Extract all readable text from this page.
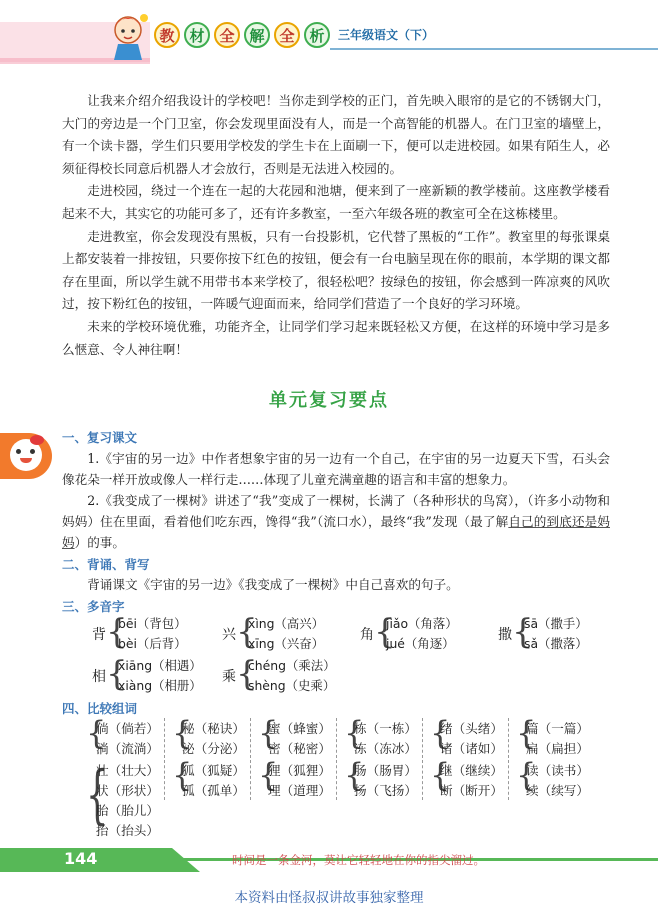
教 材 全 解 全 析	三年级语文（下）

让我来介绍介绍我设计的学校吧！当你走到学校的正门，首先映入眼帘的是它的不锈钢大门，大门的旁边是一个门卫室，你会发现里面没有人，而是一个高智能的机器人。在门卫室的墙壁上，有一个读卡器，学生们只要用学校发的学生卡在上面刷一下，便可以走进校园。如果有陌生人，必须征得校长同意后机器人才会放行，否则是无法进入校园的。

走进校园，绕过一个连在一起的大花园和池塘，便来到了一座新颖的教学楼前。这座教学楼看起来不大，其实它的功能可多了，还有许多教室，一至六年级各班的教室可全在这栋楼里。

走进教室，你会发现没有黑板，只有一台投影机，它代替了黑板的“工作”。教室里的每张课桌上都安装着一排按钮，只要你按下红色的按钮，便会有一台电脑呈现在你的眼前，本学期的课文都存在里面，所以学生就不用带书本来学校了，很轻松吧？按绿色的按钮，你会感到一阵凉爽的风吹过，按下粉红色的按钮，一阵暖气迎面而来，给同学们营造了一个良好的学习环境。

未来的学校环境优雅，功能齐全，让同学们学习起来既轻松又方便，在这样的环境中学习是多么惬意、令人神往啊！

单元复习要点
一、复习课文

1.《宇宙的另一边》中作者想象宇宙的另一边有一个自己，在宇宙的另一边夏天下雪，石头会像花朵一样开放或像人一样行走……体现了儿童充满童趣的语言和丰富的想象力。

2.《我变成了一棵树》讲述了“我”变成了一棵树，长满了（各种形状的鸟窝），（许多小动物和妈妈）住在里面，看着他们吃东西，馋得“我”（流口水），最终“我”发现（最了解自己的到底还是妈妈）的事。

二、背诵、背写

背诵课文《宇宙的另一边》《我变成了一棵树》中自己喜欢的句子。

三、多音字
背 {
bēi（背包）
bèi（后背）
兴 {
xìng（高兴）
xīng（兴奋）
角 {
jiǎo（角落）
jué（角逐）
撒 {
sā（撒手）
sǎ（撒落）
相 {
xiāng（相遇）
xiàng（相册）
乘 {
chéng（乘法）
shèng（史乘）
四、比较组词
{
倘（倘若）
淌（流淌） {
秘（秘诀）
泌（分泌） {
蜜（蜂蜜）
密（秘密） {
栋（一栋）
冻（冻冰） {
绪（头绪）
诸（诸如） {
篇（一篇）
扁（扁担）
{
壮（壮大）
状（形状）
胎（胎儿）
抬（抬头）
{
狐（狐疑）
孤（孤单） {
狸（狐狸）
理（道理） {
肠（肠胃）
扬（飞扬） {
继（继续）
断（断开） {
读（读书）
续（续写）
144	时间是一条金河，莫让它轻轻地在你的指尖溜过。
本资料由怪叔叔讲故事独家整理
